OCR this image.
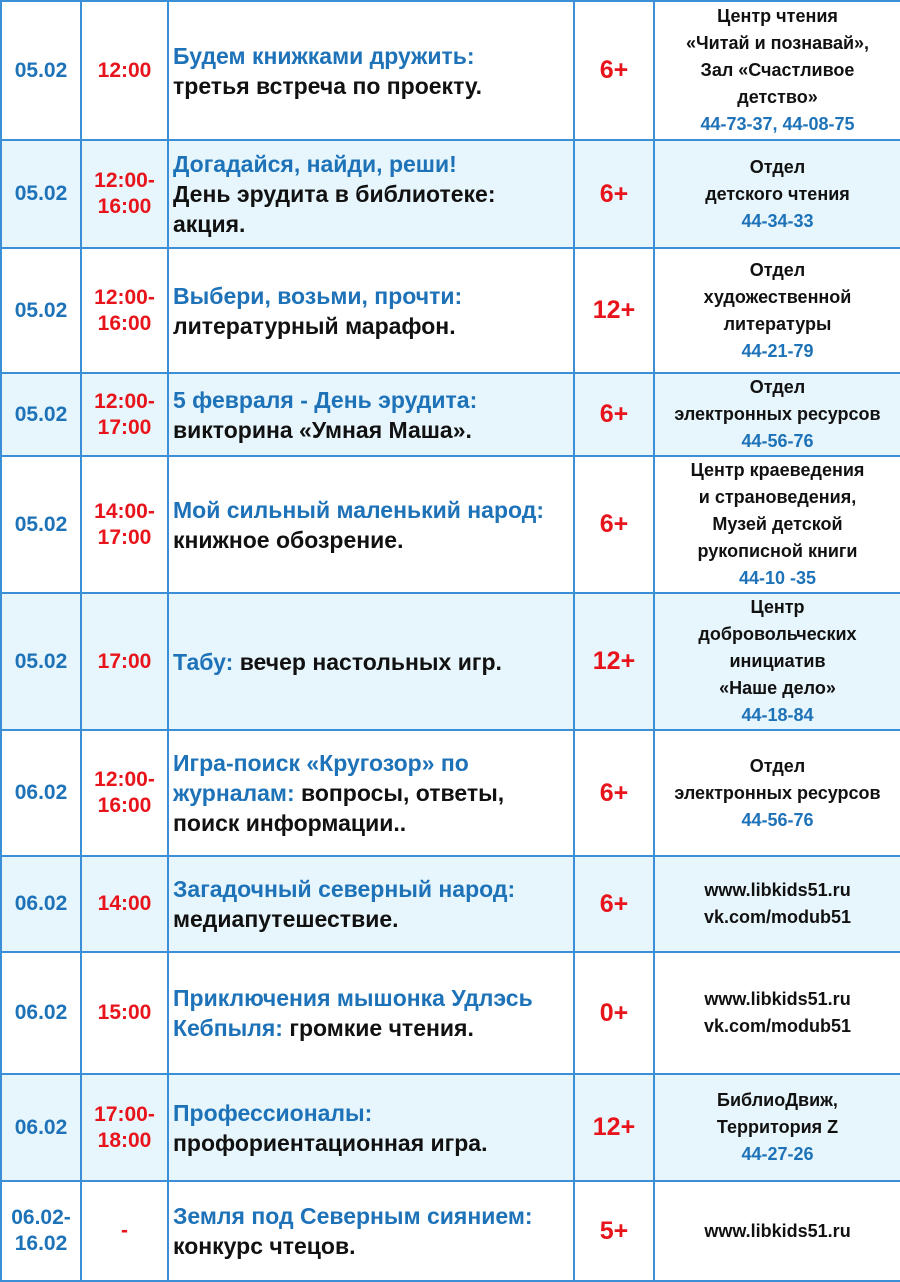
05.02	12:00	Будем книжками дружить:
третья встреча по проекту.	6+	Центр чтения
«Читай и познавай»,
Зал «Счастливое
детство»
44-73-37, 44-08-75

05.02	12:00-16:00	Догадайся, найди, реши!
День эрудита в библиотеке: акция.	6+	Отдел
детского чтения
44-34-33

05.02	12:00-16:00	Выбери, возьми, прочти:
литературный марафон.	12+	Отдел
художественной
литературы
44-21-79

05.02	12:00-17:00	5 февраля - День эрудита:
викторина «Умная Маша».	6+	Отдел
электронных ресурсов
44-56-76

05.02	14:00-17:00	Мой сильный маленький народ: книжное обозрение.	6+	Центр краеведения
и страноведения,
Музей детской
рукописной книги
44-10 -35

05.02	17:00	Табу: вечер настольных игр.	12+	Центр
добровольческих
инициатив
«Наше дело»
44-18-84

06.02	12:00-16:00	Игра-поиск «Кругозор» по журналам: вопросы, ответы, поиск информации..	6+	Отдел
электронных ресурсов
44-56-76

06.02	14:00	Загадочный северный народ:
медиапутешествие.	6+	www.libkids51.ru
vk.com/modub51

06.02	15:00	Приключения мышонка Удлэсь Кебпыля: громкие чтения.	0+	www.libkids51.ru
vk.com/modub51

06.02	17:00-18:00	Профессионалы:
профориентационная игра.	12+	БиблиоДвиж,
Территория Z
44-27-26

06.02-16.02	-	Земля под Северным сиянием: конкурс чтецов.	5+	www.libkids51.ru
